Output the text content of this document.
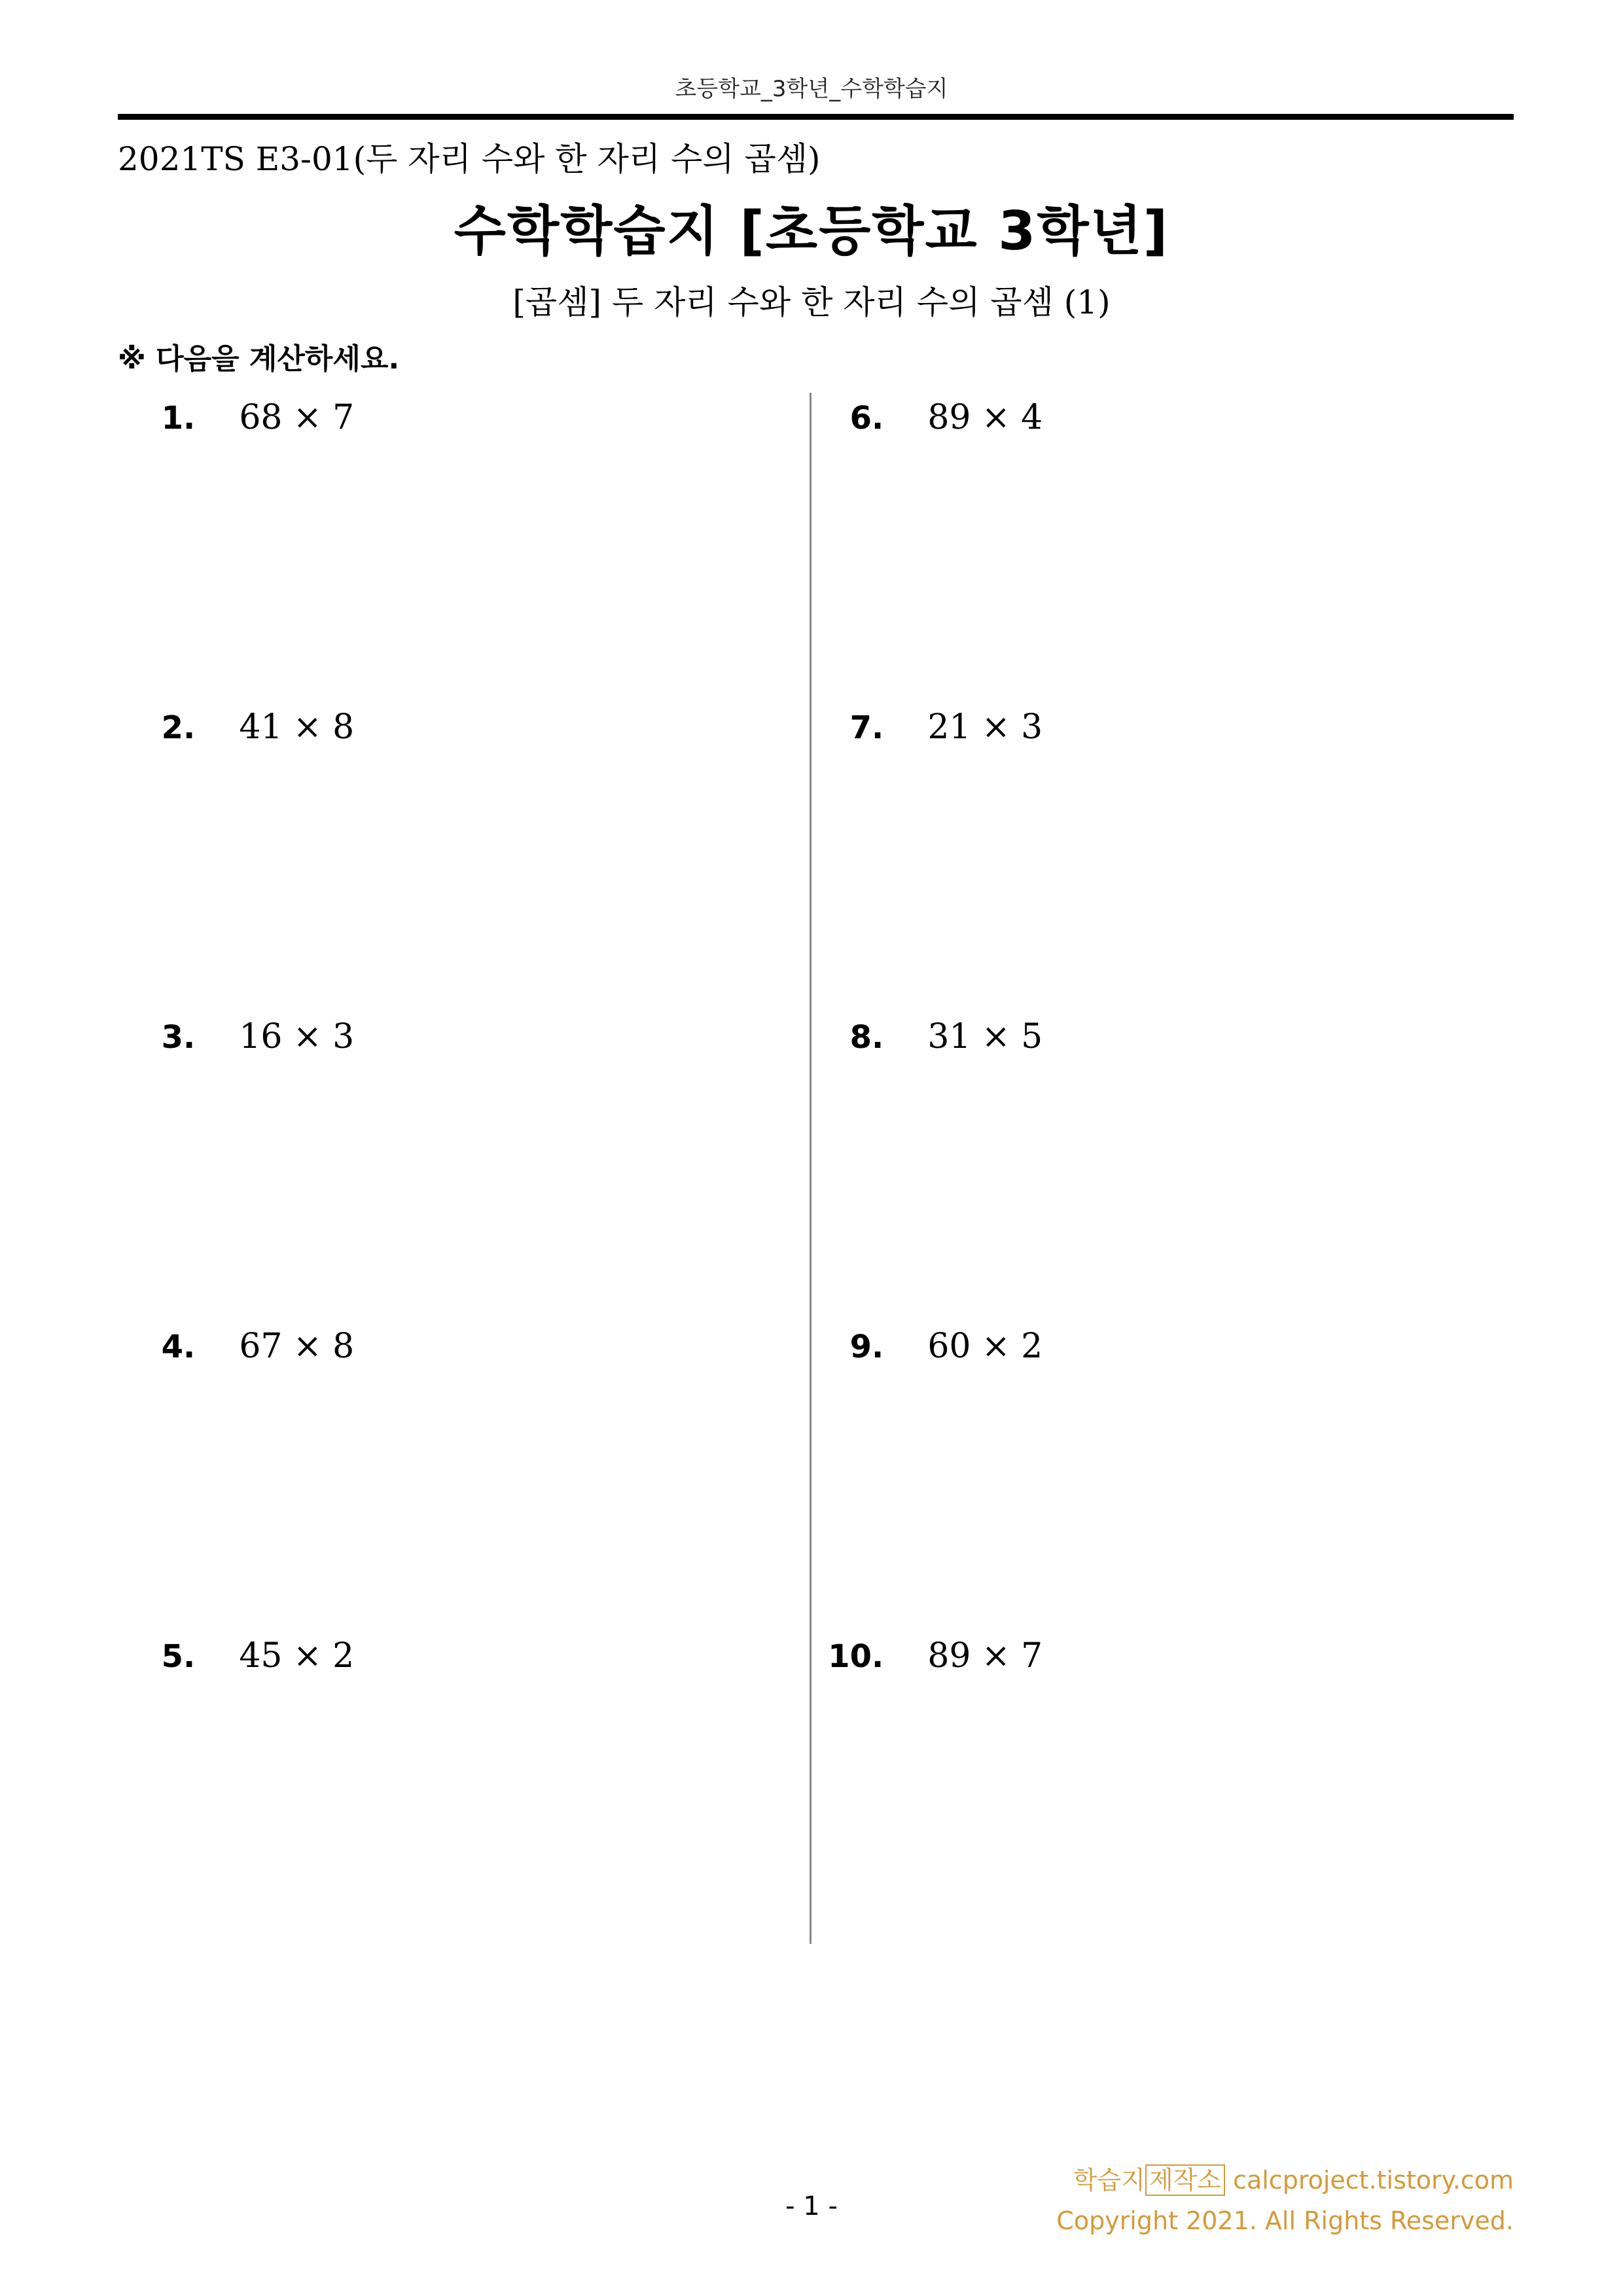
초등학교_3학년_수학학습지
2021TS E3-01(두 자리 수와 한 자리 수의 곱셈)
수학학습지 [초등학교 3학년]
[곱셈] 두 자리 수와 한 자리 수의 곱셈 (1)
※ 다음을 계산하세요.
1. 68 × 7
2. 41 × 8
3. 16 × 3
4. 67 × 8
5. 45 × 2
6. 89 × 4
7. 21 × 3
8. 31 × 5
9. 60 × 2
10. 89 × 7
- 1 -
학습지 제작소 calcproject.tistory.com
Copyright 2021. All Rights Reserved.
